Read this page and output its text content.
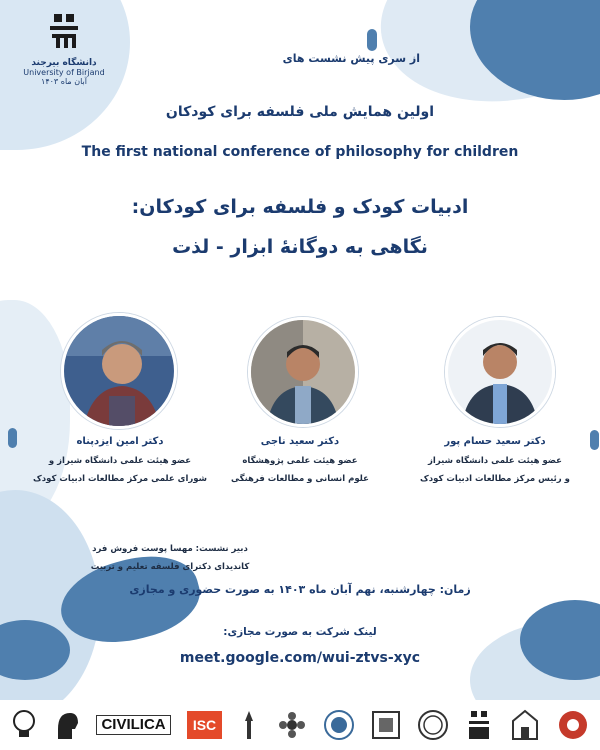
دانشگاه بیرجند
University of Birjand
آبان ماه ۱۴۰۳
از سری پیش نشست های
اولین همایش ملی فلسفه برای کودکان
The first national conference of philosophy for children
ادبیات کودک و فلسفه برای کودکان:
نگاهی به دوگانهٔ ابزار - لذت
دکتر امین ایزدپناه
عضو هیئت علمی دانشگاه شیراز و
شورای علمی مرکز مطالعات ادبیات کودک
دکتر سعید ناجی
عضو هیئت علمی پژوهشگاه
علوم انسانی و مطالعات فرهنگی
دکتر سعید حسام پور
عضو هیئت علمی دانشگاه شیراز
و رئیس مرکز مطالعات ادبیات کودک
دبیر نشست: مهسا پوست فروش فرد
کاندیدای دکترای فلسفه تعلیم و تربیت
زمان: چهارشنبه، نهم آبان ماه ۱۴۰۳ به صورت حضوری و مجازی
لینک شرکت به صورت مجازی:
meet.google.com/wui-ztvs-xyc
CIVILICA	ISC
